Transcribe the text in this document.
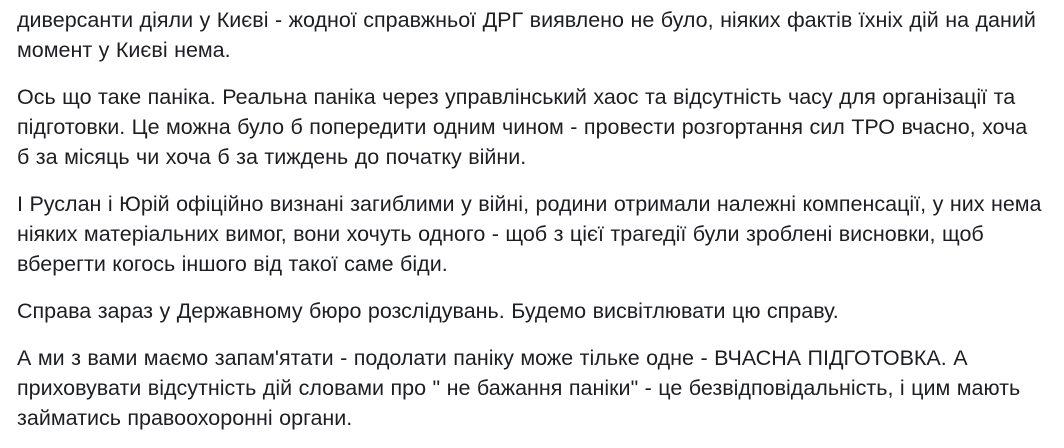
диверсанти діяли у Києві - жодної справжньої ДРГ виявлено не було, ніяких фактів їхніх дій на даний момент у Києві нема.

Ось що таке паніка. Реальна паніка через управлінський хаос та відсутність часу для організації та підготовки. Це можна було б попередити одним чином - провести розгортання сил ТРО вчасно, хоча б за місяць чи хоча б за тиждень до початку війни.

І Руслан і Юрій офіційно визнані загиблими у війні, родини отримали належні компенсації, у них нема ніяких матеріальних вимог, вони хочуть одного - щоб з цієї трагедії були зроблені висновки, щоб вберегти когось іншого від такої саме біди.

Справа зараз у Державному бюро розслідувань. Будемо висвітлювати цю справу.

А ми з вами маємо запам'ятати - подолати паніку може тільке одне - ВЧАСНА ПІДГОТОВКА. А приховувати відсутність дій словами про " не бажання паніки" - це безвідповідальність, і цим мають займатись правоохоронні органи.
